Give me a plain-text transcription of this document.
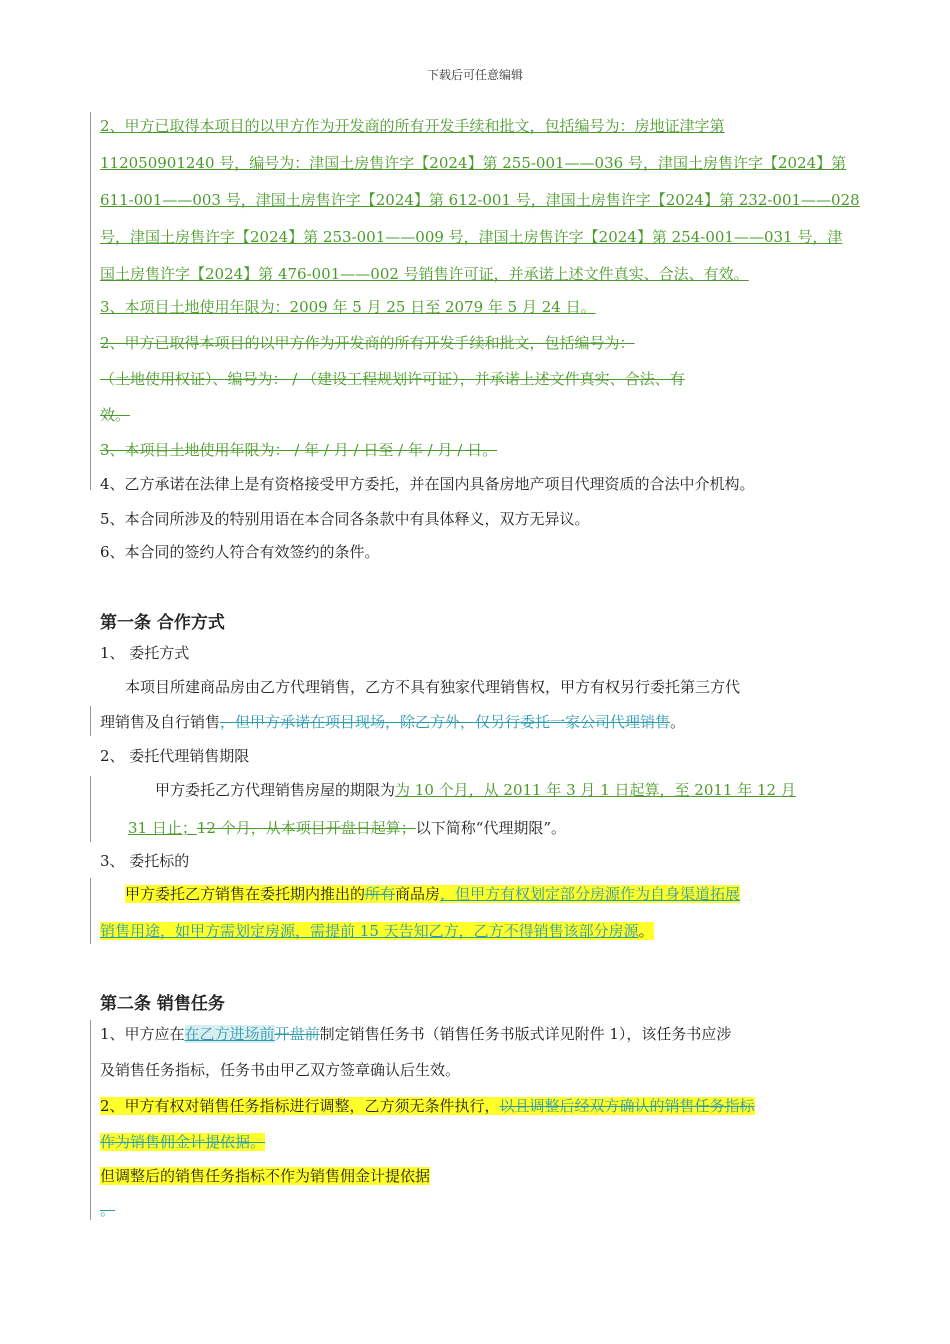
下载后可任意编辑
2、甲方已取得本项目的以甲方作为开发商的所有开发手续和批文，包括编号为：房地证津字第
112050901240 号，编号为：津国土房售许字【2024】第 255-001——036 号，津国土房售许字【2024】第
611-001——003 号，津国土房售许字【2024】第 612-001 号，津国土房售许字【2024】第 232-001——028
号，津国土房售许字【2024】第 253-001——009 号，津国土房售许字【2024】第 254-001——031 号，津
国土房售许字【2024】第 476-001——002 号销售许可证，并承诺上述文件真实、合法、有效。
3、本项目土地使用年限为：2009 年 5 月 25 日至 2079 年 5 月 24 日。
2、甲方已取得本项目的以甲方作为开发商的所有开发手续和批文，包括编号为：
（土地使用权证）、编号为： / （建设工程规划许可证），并承诺上述文件真实、合法、有
效。
3、本项目土地使用年限为： / 年 / 月 / 日至 / 年 / 月 / 日。
4、乙方承诺在法律上是有资格接受甲方委托，并在国内具备房地产项目代理资质的合法中介机构。
5、本合同所涉及的特别用语在本合同各条款中有具体释义，双方无异议。
6、本合同的签约人符合有效签约的条件。
第一条 合作方式
1、 委托方式
本项目所建商品房由乙方代理销售，乙方不具有独家代理销售权，甲方有权另行委托第三方代
理销售及自行销售，但甲方承诺在项目现场，除乙方外，仅另行委托一家公司代理销售。
2、 委托代理销售期限
甲方委托乙方代理销售房屋的期限为为 10 个月，从 2011 年 3 月 1 日起算，至 2011 年 12 月
31 日止；12 个月，从本项目开盘日起算；以下简称“代理期限”。
3、 委托标的
甲方委托乙方销售在委托期内推出的所有商品房，但甲方有权划定部分房源作为自身渠道拓展
销售用途，如甲方需划定房源，需提前 15 天告知乙方，乙方不得销售该部分房源。
第二条 销售任务
1、甲方应在在乙方进场前开盘前制定销售任务书（销售任务书版式详见附件 1），该任务书应涉
及销售任务指标，任务书由甲乙双方签章确认后生效。
2、甲方有权对销售任务指标进行调整，乙方须无条件执行，以且调整后经双方确认的销售任务指标
作为销售佣金计提依据。
但调整后的销售任务指标不作为销售佣金计提依据
。
